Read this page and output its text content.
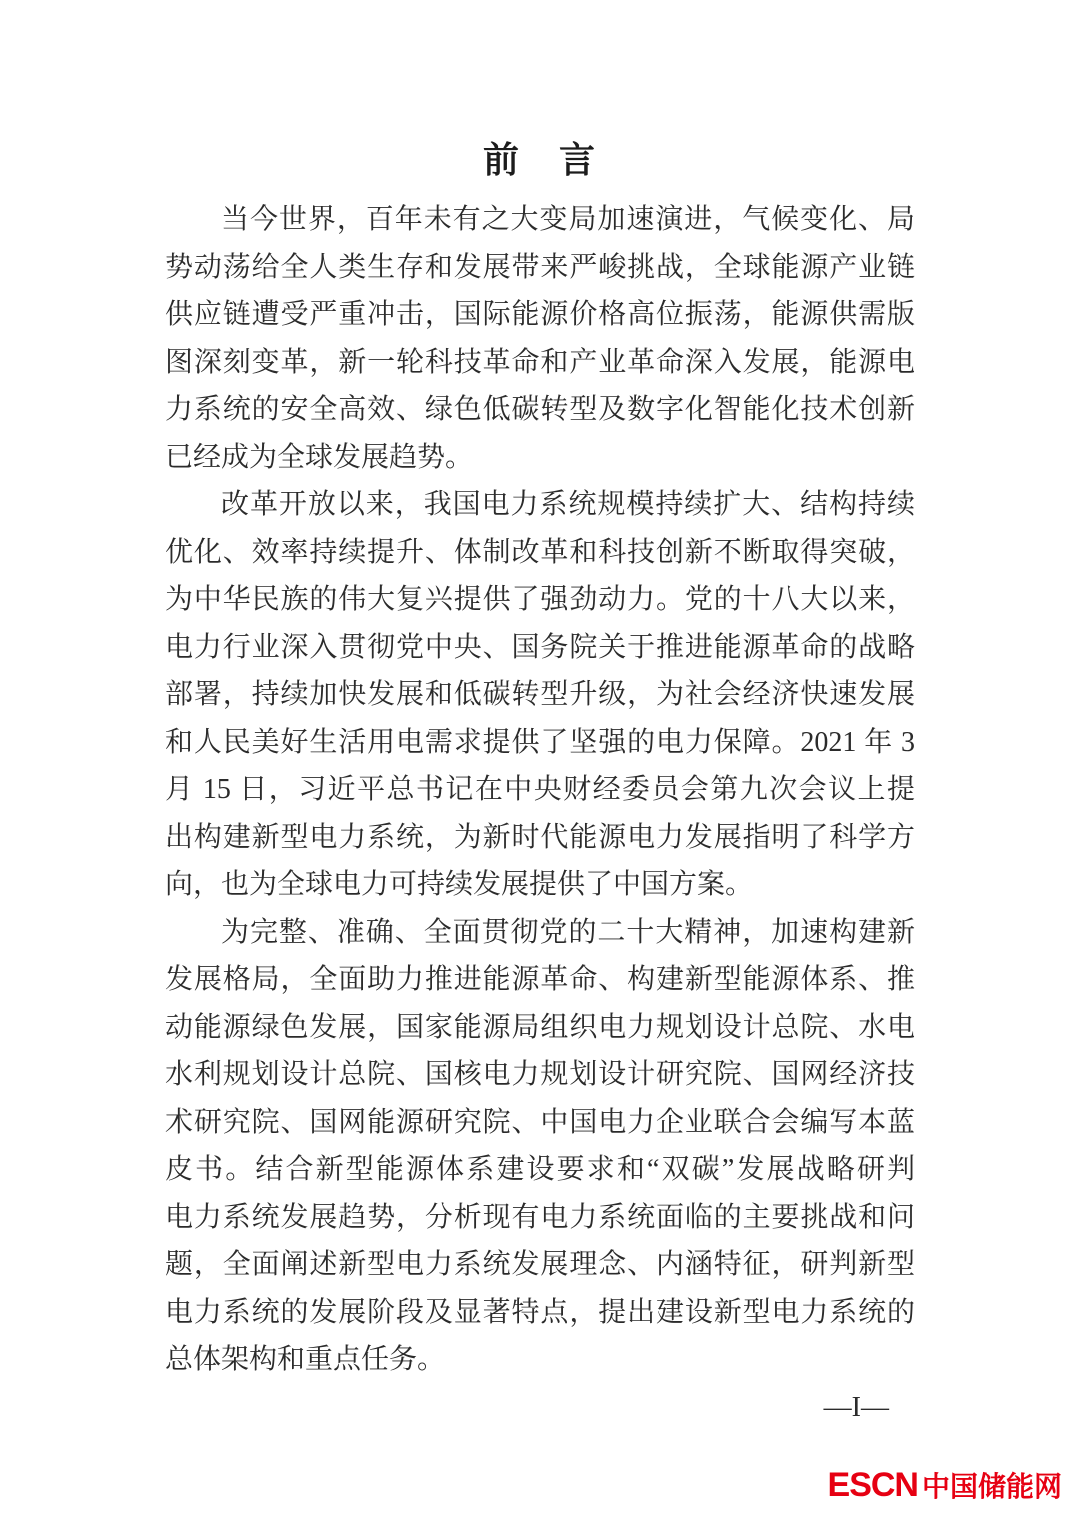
前　言
当今世界，百年未有之大变局加速演进，气候变化、局
势动荡给全人类生存和发展带来严峻挑战，全球能源产业链
供应链遭受严重冲击，国际能源价格高位振荡，能源供需版
图深刻变革，新一轮科技革命和产业革命深入发展，能源电
力系统的安全高效、绿色低碳转型及数字化智能化技术创新
已经成为全球发展趋势。
改革开放以来，我国电力系统规模持续扩大、结构持续
优化、效率持续提升、体制改革和科技创新不断取得突破，
为中华民族的伟大复兴提供了强劲动力。党的十八大以来，
电力行业深入贯彻党中央、国务院关于推进能源革命的战略
部署，持续加快发展和低碳转型升级，为社会经济快速发展
和人民美好生活用电需求提供了坚强的电力保障。2021 年 3
月 15 日，习近平总书记在中央财经委员会第九次会议上提
出构建新型电力系统，为新时代能源电力发展指明了科学方
向，也为全球电力可持续发展提供了中国方案。
为完整、准确、全面贯彻党的二十大精神，加速构建新
发展格局，全面助力推进能源革命、构建新型能源体系、推
动能源绿色发展，国家能源局组织电力规划设计总院、水电
水利规划设计总院、国核电力规划设计研究院、国网经济技
术研究院、国网能源研究院、中国电力企业联合会编写本蓝
皮书。结合新型能源体系建设要求和“双碳”发展战略研判
电力系统发展趋势，分析现有电力系统面临的主要挑战和问
题，全面阐述新型电力系统发展理念、内涵特征，研判新型
电力系统的发展阶段及显著特点，提出建设新型电力系统的
总体架构和重点任务。
—I—
ESCN 中国储能网
